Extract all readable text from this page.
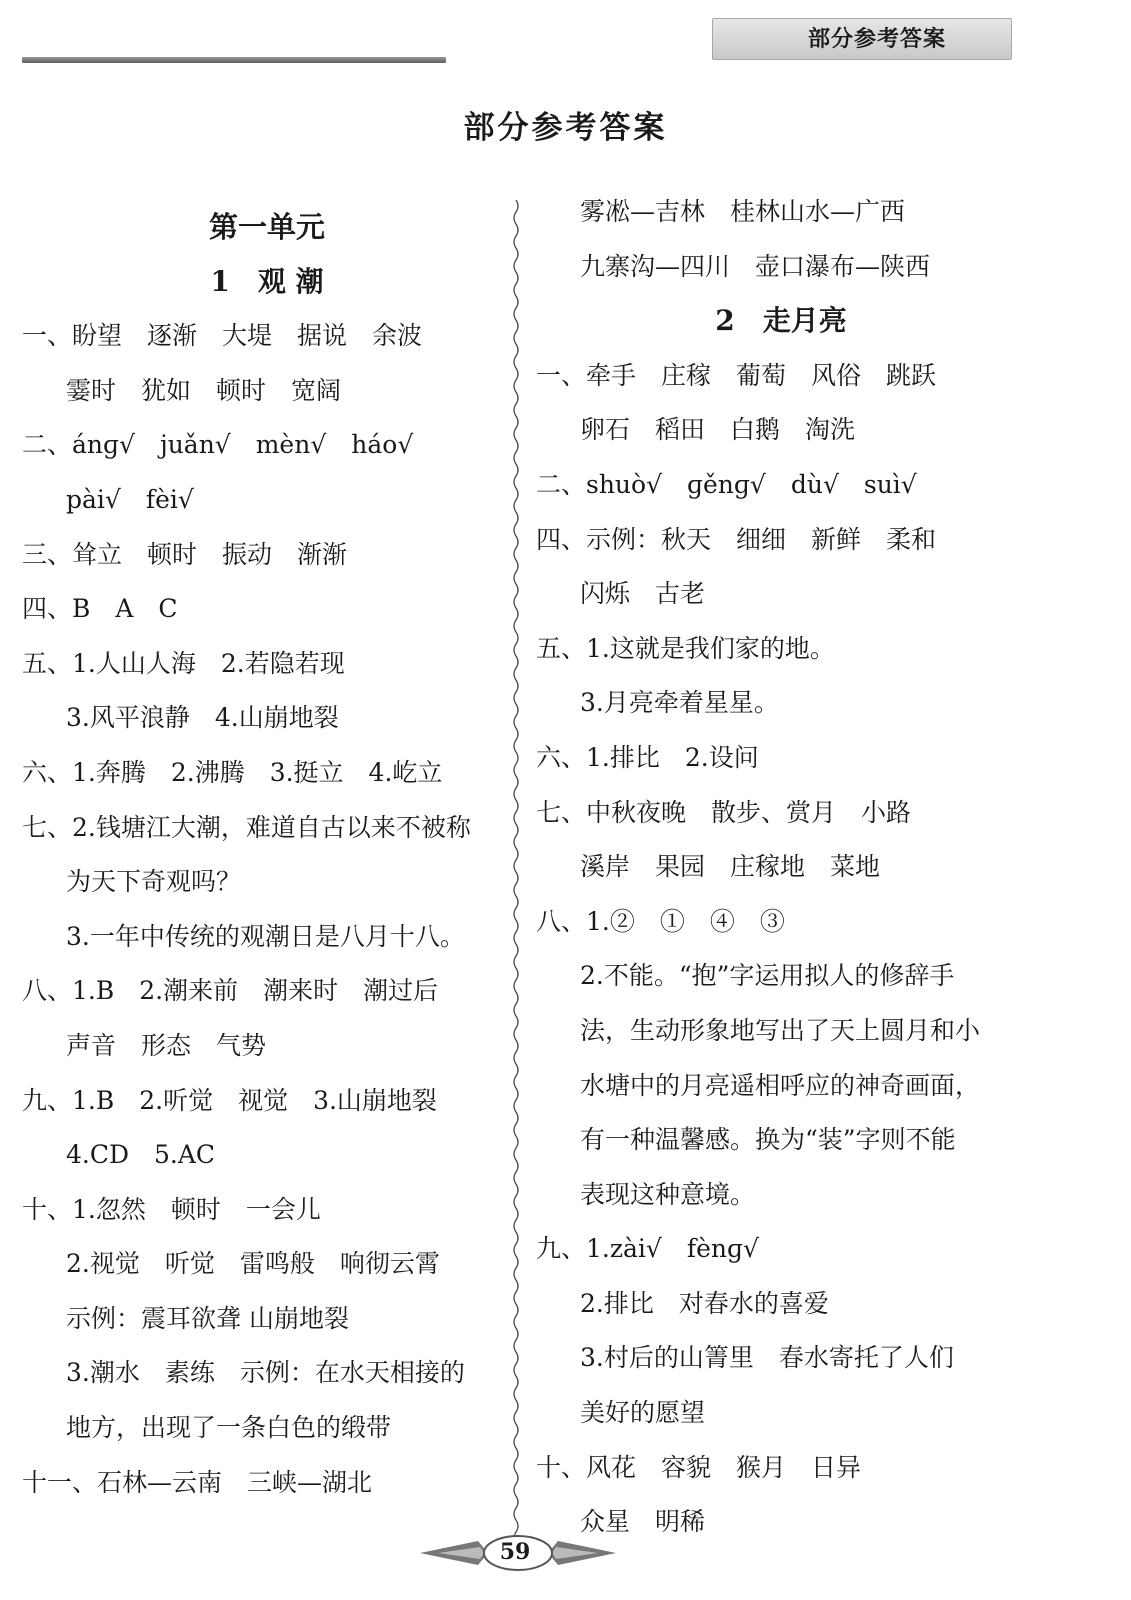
部分参考答案
部分参考答案
第一单元
1　观 潮
一、盼望　逐渐　大堤　据说　余波
霎时　犹如　顿时　宽阔
二、ánɡ√　juǎn√　mèn√　háo√
pài√　fèi√
三、耸立　顿时　振动　渐渐
四、B　A　C
五、1.人山人海　2.若隐若现
3.风平浪静　4.山崩地裂
六、1.奔腾　2.沸腾　3.挺立　4.屹立
七、2.钱塘江大潮，难道自古以来不被称
为天下奇观吗？
3.一年中传统的观潮日是八月十八。
八、1.B　2.潮来前　潮来时　潮过后
声音　形态　气势
九、1.B　2.听觉　视觉　3.山崩地裂
4.CD　5.AC
十、1.忽然　顿时　一会儿
2.视觉　听觉　雷鸣般　响彻云霄
示例：震耳欲聋 山崩地裂
3.潮水　素练　示例：在水天相接的
地方，出现了一条白色的缎带
十一、石林—云南　三峡—湖北
雾凇—吉林　桂林山水—广西
九寨沟—四川　壶口瀑布—陕西
2　走月亮
一、牵手　庄稼　葡萄　风俗　跳跃
卵石　稻田　白鹅　淘洗
二、shuò√　ɡěnɡ√　dù√　suì√
四、示例：秋天　细细　新鲜　柔和
闪烁　古老
五、1.这就是我们家的地。
3.月亮牵着星星。
六、1.排比　2.设问
七、中秋夜晚　散步、赏月　小路
溪岸　果园　庄稼地　菜地
八、1.②　①　④　③
2.不能。“抱”字运用拟人的修辞手
法，生动形象地写出了天上圆月和小
水塘中的月亮遥相呼应的神奇画面，
有一种温馨感。换为“装”字则不能
表现这种意境。
九、1.zài√　fènɡ√
2.排比　对春水的喜爱
3.村后的山箐里　春水寄托了人们
美好的愿望
十、风花　容貌　猴月　日异
众星　明稀
59
